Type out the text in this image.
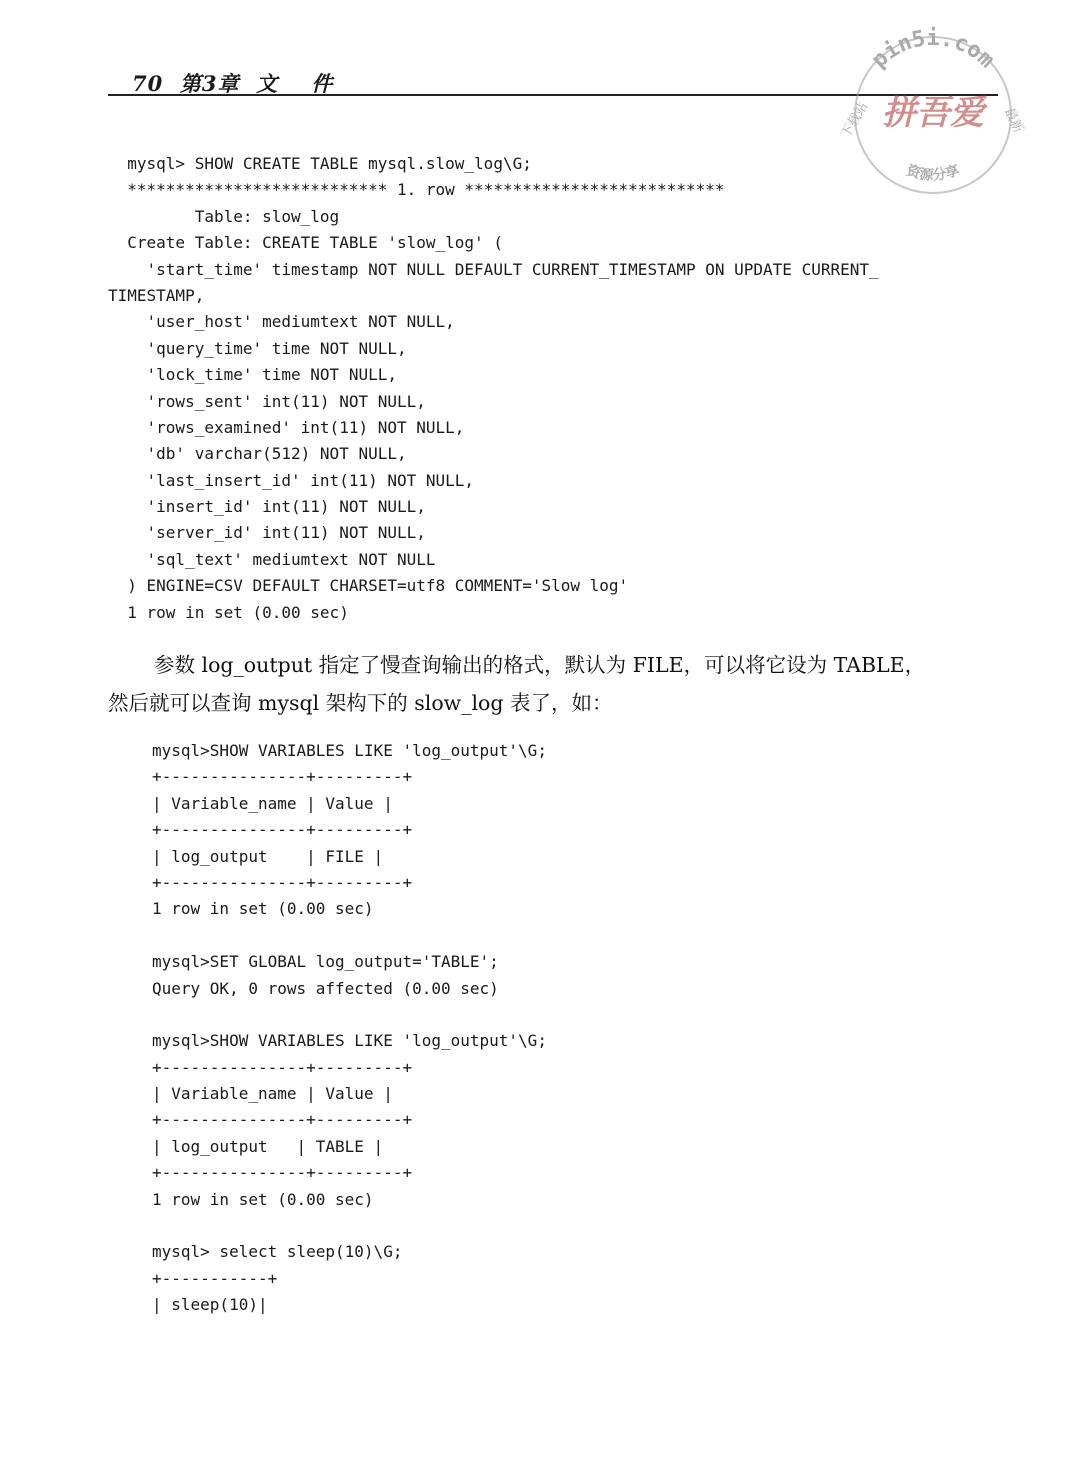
70  第3章  文    件
pin5i.com
资源分享
拼吾爱
下载站	最新
mysql> SHOW CREATE TABLE mysql.slow_log\G;
*************************** 1. row ***************************
Table: slow_log
Create Table: CREATE TABLE 'slow_log' (
'start_time' timestamp NOT NULL DEFAULT CURRENT_TIMESTAMP ON UPDATE CURRENT_
TIMESTAMP,
'user_host' mediumtext NOT NULL,
'query_time' time NOT NULL,
'lock_time' time NOT NULL,
'rows_sent' int(11) NOT NULL,
'rows_examined' int(11) NOT NULL,
'db' varchar(512) NOT NULL,
'last_insert_id' int(11) NOT NULL,
'insert_id' int(11) NOT NULL,
'server_id' int(11) NOT NULL,
'sql_text' mediumtext NOT NULL
) ENGINE=CSV DEFAULT CHARSET=utf8 COMMENT='Slow log'
1 row in set (0.00 sec)
参数 log_output 指定了慢查询输出的格式，默认为 FILE，可以将它设为 TABLE，
然后就可以查询 mysql 架构下的 slow_log 表了，如：
mysql>SHOW VARIABLES LIKE 'log_output'\G;
+---------------+---------+
| Variable_name | Value |
+---------------+---------+
| log_output    | FILE |
+---------------+---------+
1 row in set (0.00 sec)
mysql>SET GLOBAL log_output='TABLE';
Query OK, 0 rows affected (0.00 sec)
mysql>SHOW VARIABLES LIKE 'log_output'\G;
+---------------+---------+
| Variable_name | Value |
+---------------+---------+
| log_output   | TABLE |
+---------------+---------+
1 row in set (0.00 sec)
mysql> select sleep(10)\G;
+-----------+
| sleep(10)|
